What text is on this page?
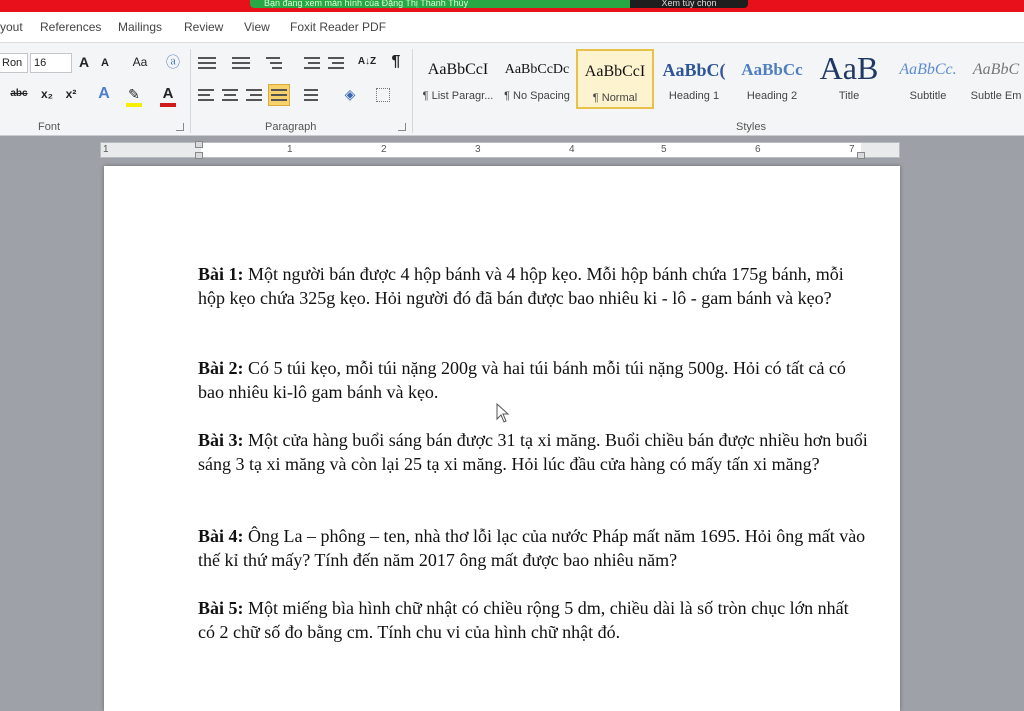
Bạn đang xem màn hình của Đặng Thị Thanh Thủy	Xem tùy chọn
yout References Mailings Review View Foxit Reader PDF
Ron	16	A	A	Aa	ⓐ
abc	x₂	x² A	✎	A
Font
A↓Z ¶
◈
Paragraph
AaBbCcI
¶ List Paragr...
AaBbCcDc
¶ No Spacing
AaBbCcI
¶ Normal
AaBbC(
Heading 1
AaBbCc
Heading 2
AaB
Title
AaBbCc.
Subtitle
AaBbC
Subtle Em
Styles
1	1	2	3	4	5	6	7
Bài 1: Một người bán được 4 hộp bánh và 4 hộp kẹo. Mỗi hộp bánh chứa 175g bánh, mỗi hộp kẹo chứa 325g kẹo. Hỏi người đó đã bán được bao nhiêu ki - lô - gam bánh và kẹo?
Bài 2: Có 5 túi kẹo, mỗi túi nặng 200g và hai túi bánh mỗi túi nặng 500g. Hỏi có tất cả có bao nhiêu ki-lô gam bánh và kẹo.
Bài 3: Một cửa hàng buổi sáng bán được 31 tạ xi măng. Buổi chiều bán được nhiều hơn buổi sáng 3 tạ xi măng và còn lại 25 tạ xi măng. Hỏi lúc đầu cửa hàng có mấy tấn xi măng?
Bài 4: Ông La – phông – ten, nhà thơ lỗi lạc của nước Pháp mất năm 1695. Hỏi ông mất vào thế kỉ thứ mấy? Tính đến năm 2017 ông mất được bao nhiêu năm?
Bài 5: Một miếng bìa hình chữ nhật có chiều rộng 5 dm, chiều dài là số tròn chục lớn nhất có 2 chữ số đo bằng cm. Tính chu vi của hình chữ nhật đó.
